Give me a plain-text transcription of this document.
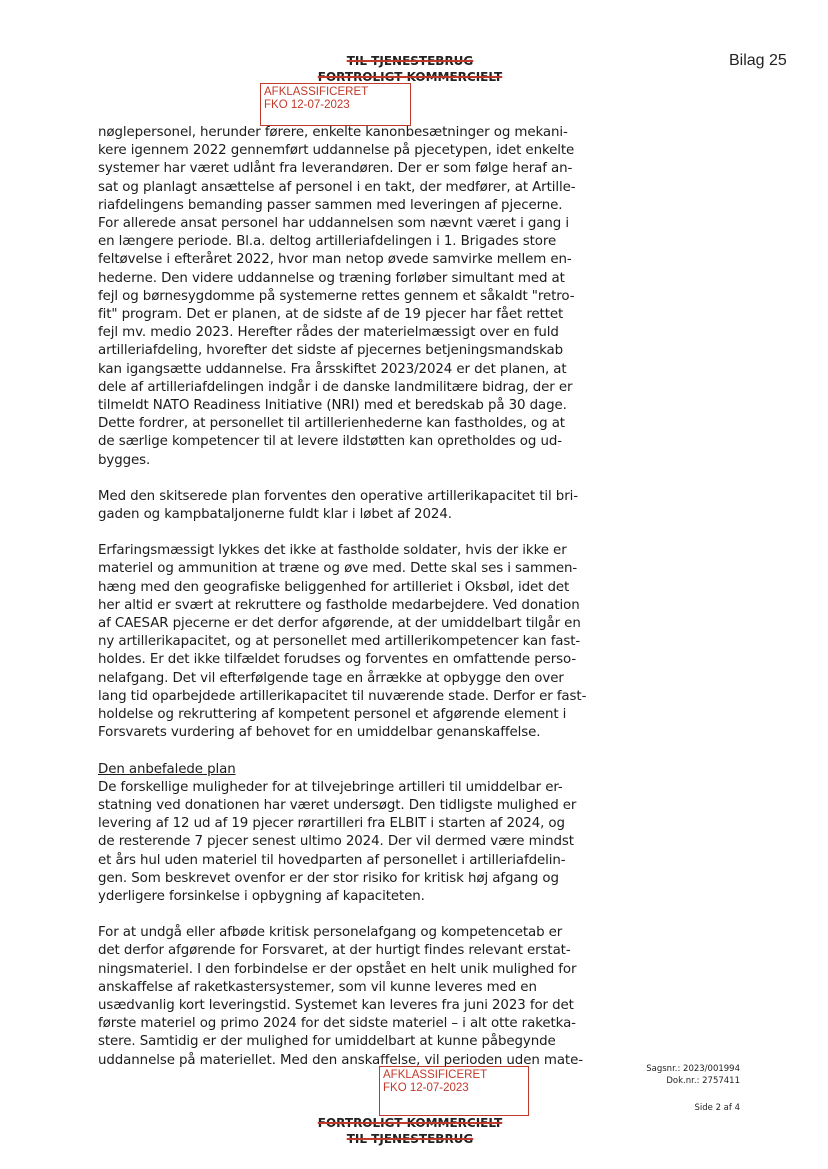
TIL TJENESTEBRUG
FORTROLIGT KOMMERCIELT
Bilag 25
AFKLASSIFICERET
FKO 12-07-2023

nøglepersonel, herunder førere, enkelte kanonbesætninger og mekani-
kere igennem 2022 gennemført uddannelse på pjecetypen, idet enkelte
systemer har været udlånt fra leverandøren. Der er som følge heraf an-
sat og planlagt ansættelse af personel i en takt, der medfører, at Artille-
riafdelingens bemanding passer sammen med leveringen af pjecerne.
For allerede ansat personel har uddannelsen som nævnt været i gang i
en længere periode. Bl.a. deltog artilleriafdelingen i 1. Brigades store
feltøvelse i efteråret 2022, hvor man netop øvede samvirke mellem en-
hederne. Den videre uddannelse og træning forløber simultant med at
fejl og børnesygdomme på systemerne rettes gennem et såkaldt "retro-
fit" program. Det er planen, at de sidste af de 19 pjecer har fået rettet
fejl mv. medio 2023. Herefter rådes der materielmæssigt over en fuld
artilleriafdeling, hvorefter det sidste af pjecernes betjeningsmandskab
kan igangsætte uddannelse. Fra årsskiftet 2023/2024 er det planen, at
dele af artilleriafdelingen indgår i de danske landmilitære bidrag, der er
tilmeldt NATO Readiness Initiative (NRI) med et beredskab på 30 dage.
Dette fordrer, at personellet til artillerienhederne kan fastholdes, og at
de særlige kompetencer til at levere ildstøtten kan opretholdes og ud-
bygges.

Med den skitserede plan forventes den operative artillerikapacitet til bri-
gaden og kampbataljonerne fuldt klar i løbet af 2024.

Erfaringsmæssigt lykkes det ikke at fastholde soldater, hvis der ikke er
materiel og ammunition at træne og øve med. Dette skal ses i sammen-
hæng med den geografiske beliggenhed for artilleriet i Oksbøl, idet det
her altid er svært at rekruttere og fastholde medarbejdere. Ved donation
af CAESAR pjecerne er det derfor afgørende, at der umiddelbart tilgår en
ny artillerikapacitet, og at personellet med artillerikompetencer kan fast-
holdes. Er det ikke tilfældet forudses og forventes en omfattende perso-
nelafgang. Det vil efterfølgende tage en årrække at opbygge den over
lang tid oparbejdede artillerikapacitet til nuværende stade. Derfor er fast-
holdelse og rekruttering af kompetent personel et afgørende element i
Forsvarets vurdering af behovet for en umiddelbar genanskaffelse.

Den anbefalede plan
De forskellige muligheder for at tilvejebringe artilleri til umiddelbar er-
statning ved donationen har været undersøgt. Den tidligste mulighed er
levering af 12 ud af 19 pjecer rørartilleri fra ELBIT i starten af 2024, og
de resterende 7 pjecer senest ultimo 2024. Der vil dermed være mindst
et års hul uden materiel til hovedparten af personellet i artilleriafdelin-
gen. Som beskrevet ovenfor er der stor risiko for kritisk høj afgang og
yderligere forsinkelse i opbygning af kapaciteten.

For at undgå eller afbøde kritisk personelafgang og kompetencetab er
det derfor afgørende for Forsvaret, at der hurtigt findes relevant erstat-
ningsmateriel. I den forbindelse er der opstået en helt unik mulighed for
anskaffelse af raketkastersystemer, som vil kunne leveres med en
usædvanlig kort leveringstid. Systemet kan leveres fra juni 2023 for det
første materiel og primo 2024 for det sidste materiel – i alt otte raketka-
stere. Samtidig er der mulighed for umiddelbart at kunne påbegynde
uddannelse på materiellet. Med den anskaffelse, vil perioden uden mate-

AFKLASSIFICERET
FKO 12-07-2023
Sagsnr.: 2023/001994
Dok.nr.: 2757411
Side 2 af 4
FORTROLIGT KOMMERCIELT
TIL TJENESTEBRUG
